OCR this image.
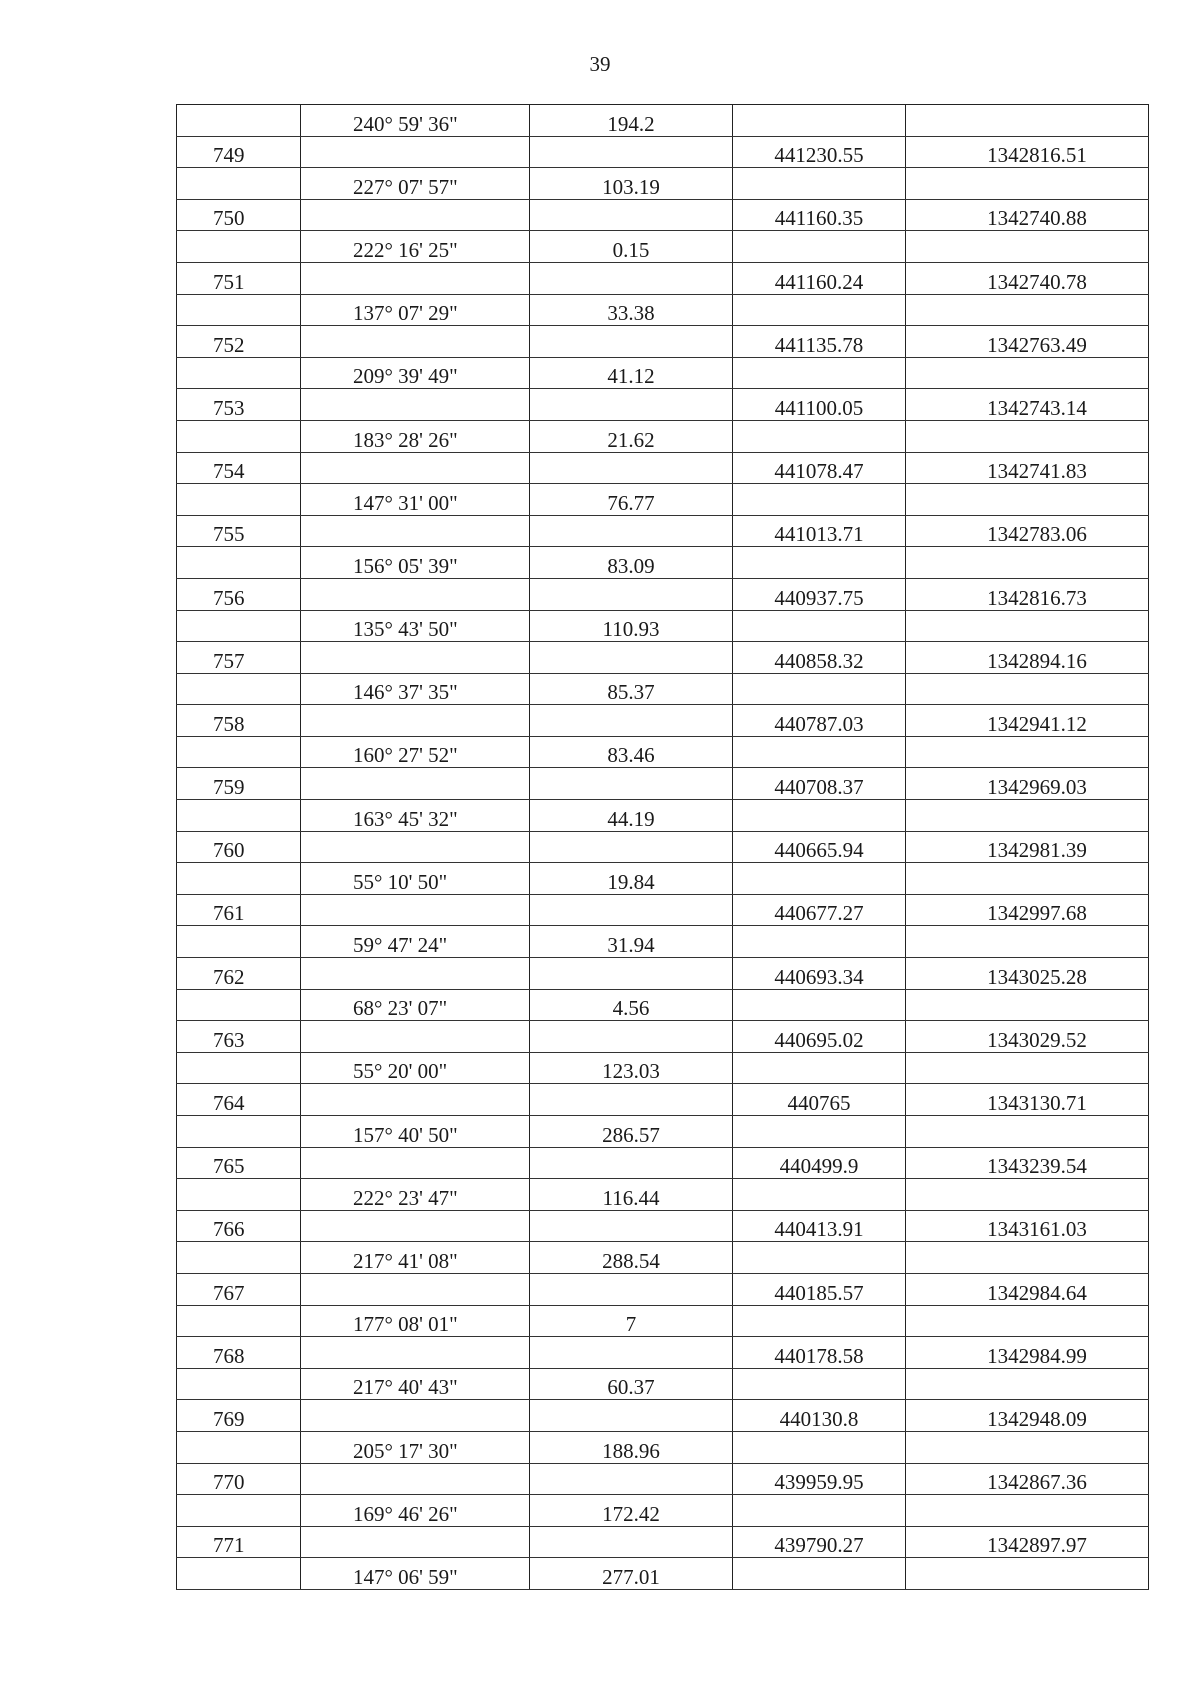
39
	240° 59' 36"	194.2		
749			441230.55	1342816.51
	227° 07' 57"	103.19		
750			441160.35	1342740.88
	222° 16' 25"	0.15		
751			441160.24	1342740.78
	137° 07' 29"	33.38		
752			441135.78	1342763.49
	209° 39' 49"	41.12		
753			441100.05	1342743.14
	183° 28' 26"	21.62		
754			441078.47	1342741.83
	147° 31' 00"	76.77		
755			441013.71	1342783.06
	156° 05' 39"	83.09		
756			440937.75	1342816.73
	135° 43' 50"	110.93		
757			440858.32	1342894.16
	146° 37' 35"	85.37		
758			440787.03	1342941.12
	160° 27' 52"	83.46		
759			440708.37	1342969.03
	163° 45' 32"	44.19		
760			440665.94	1342981.39
	55° 10' 50"	19.84		
761			440677.27	1342997.68
	59° 47' 24"	31.94		
762			440693.34	1343025.28
	68° 23' 07"	4.56		
763			440695.02	1343029.52
	55° 20' 00"	123.03		
764			440765	1343130.71
	157° 40' 50"	286.57		
765			440499.9	1343239.54
	222° 23' 47"	116.44		
766			440413.91	1343161.03
	217° 41' 08"	288.54		
767			440185.57	1342984.64
	177° 08' 01"	7		
768			440178.58	1342984.99
	217° 40' 43"	60.37		
769			440130.8	1342948.09
	205° 17' 30"	188.96		
770			439959.95	1342867.36
	169° 46' 26"	172.42		
771			439790.27	1342897.97
	147° 06' 59"	277.01		
